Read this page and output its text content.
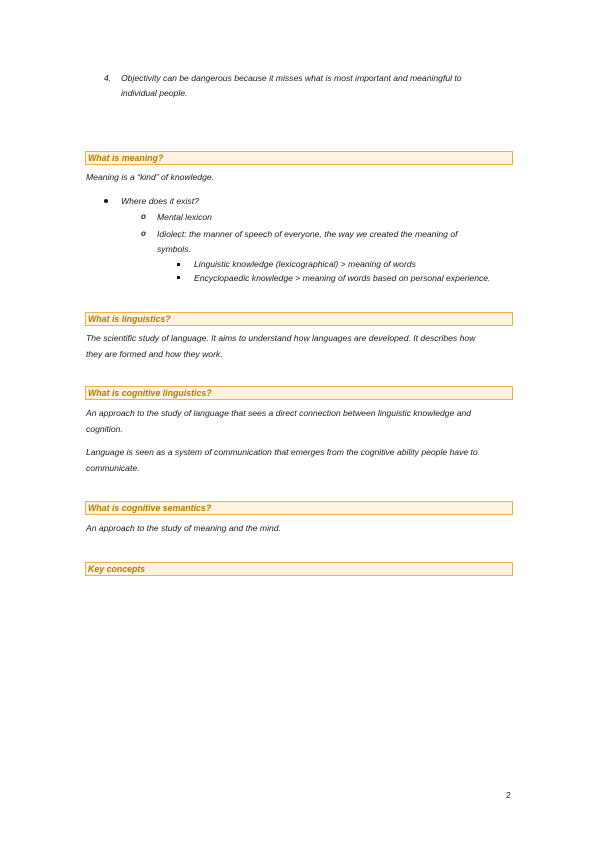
4. Objectivity can be dangerous because it misses what is most important and meaningful to
individual people.
What is meaning?
Meaning is a “kind” of knowledge.
Where does it exist?
o Mental lexicon
o Idiolect: the manner of speech of everyone, the way we created the meaning of
symbols.
Linguistic knowledge (lexicographical) > meaning of words
Encyclopaedic knowledge > meaning of words based on personal experience.
What is linguistics?
The scientific study of language. It aims to understand how languages are developed. It describes how
they are formed and how they work.
What is cognitive linguistics?
An approach to the study of language that sees a direct connection between linguistic knowledge and
cognition.
Language is seen as a system of communication that emerges from the cognitive ability people have to
communicate.
What is cognitive semantics?
An approach to the study of meaning and the mind.
Key concepts
2
